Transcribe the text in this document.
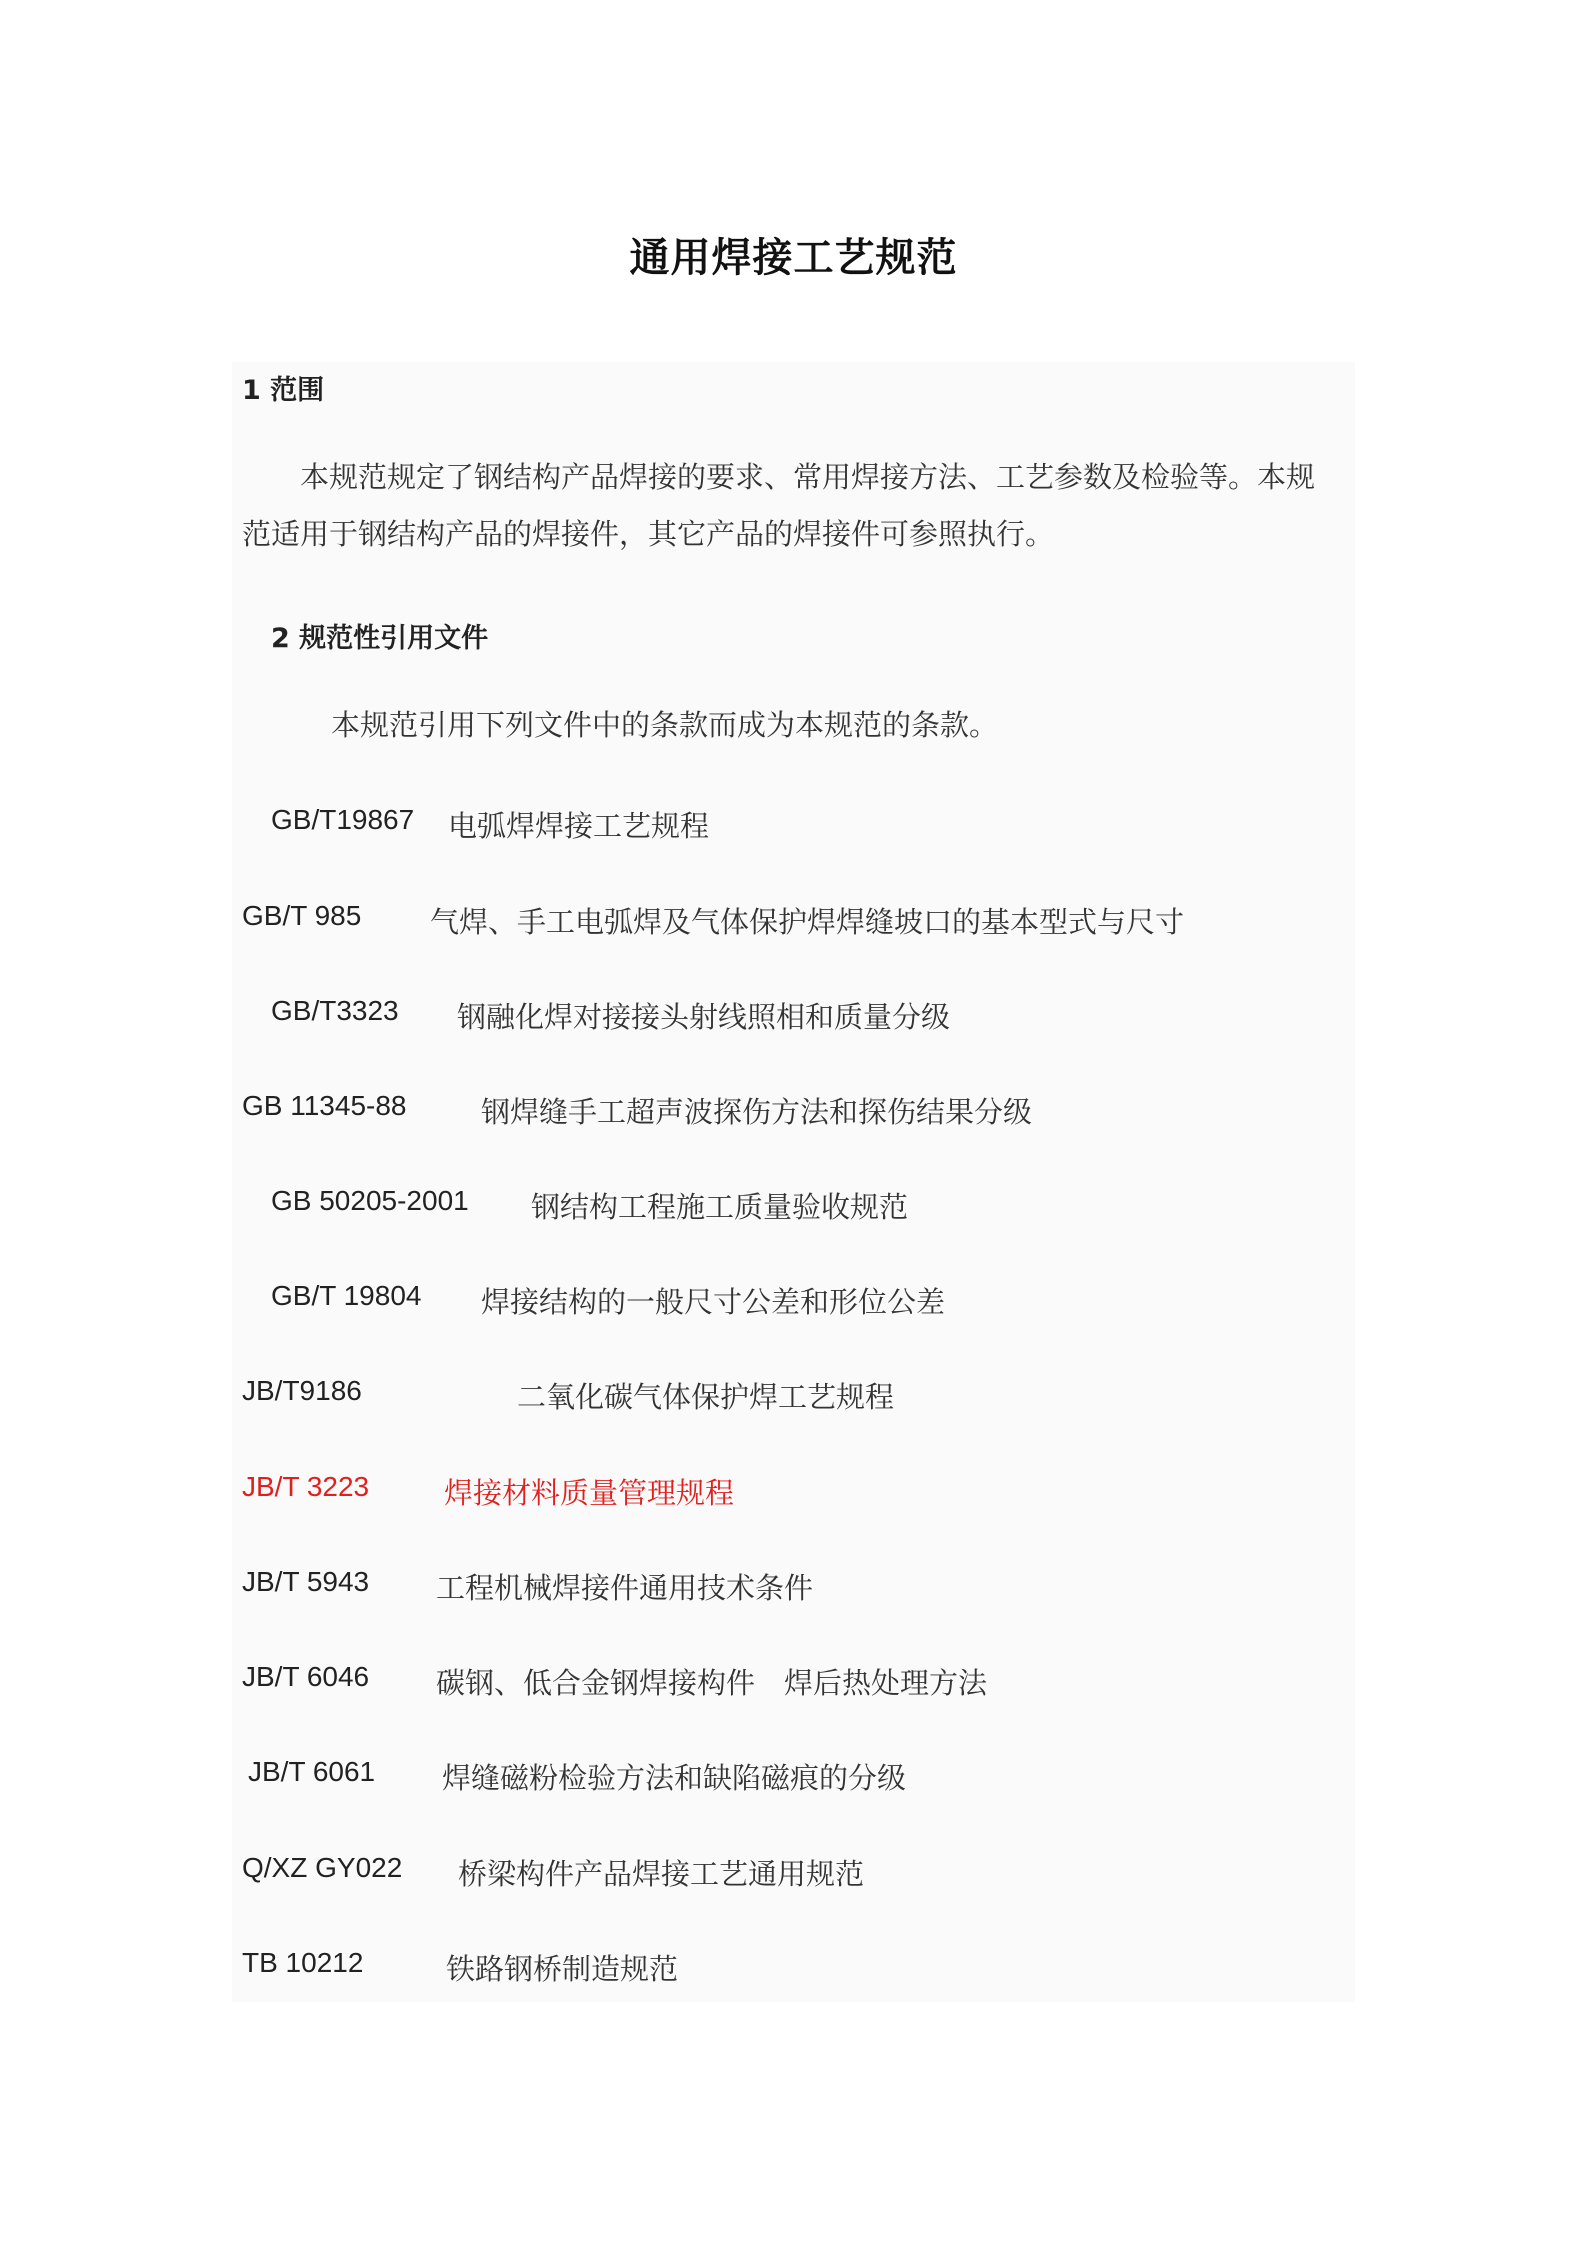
通用焊接工艺规范
1 范围
本规范规定了钢结构产品焊接的要求、常用焊接方法、工艺参数及检验等。本规
范适用于钢结构产品的焊接件，其它产品的焊接件可参照执行。
2 规范性引用文件
本规范引用下列文件中的条款而成为本规范的条款。
GB/T19867 电弧焊焊接工艺规程
GB/T 985 气焊、手工电弧焊及气体保护焊焊缝坡口的基本型式与尺寸
GB/T3323 钢融化焊对接接头射线照相和质量分级
GB 11345-88	钢焊缝手工超声波探伤方法和探伤结果分级
GB 50205-2001 钢结构工程施工质量验收规范
GB/T 19804 焊接结构的一般尺寸公差和形位公差
JB/T9186	二氧化碳气体保护焊工艺规程
JB/T 3223	焊接材料质量管理规程
JB/T 5943 工程机械焊接件通用技术条件
JB/T 6046 碳钢、低合金钢焊接构件　焊后热处理方法
JB/T 6061 焊缝磁粉检验方法和缺陷磁痕的分级
Q/XZ GY022 桥梁构件产品焊接工艺通用规范
TB 10212	铁路钢桥制造规范
